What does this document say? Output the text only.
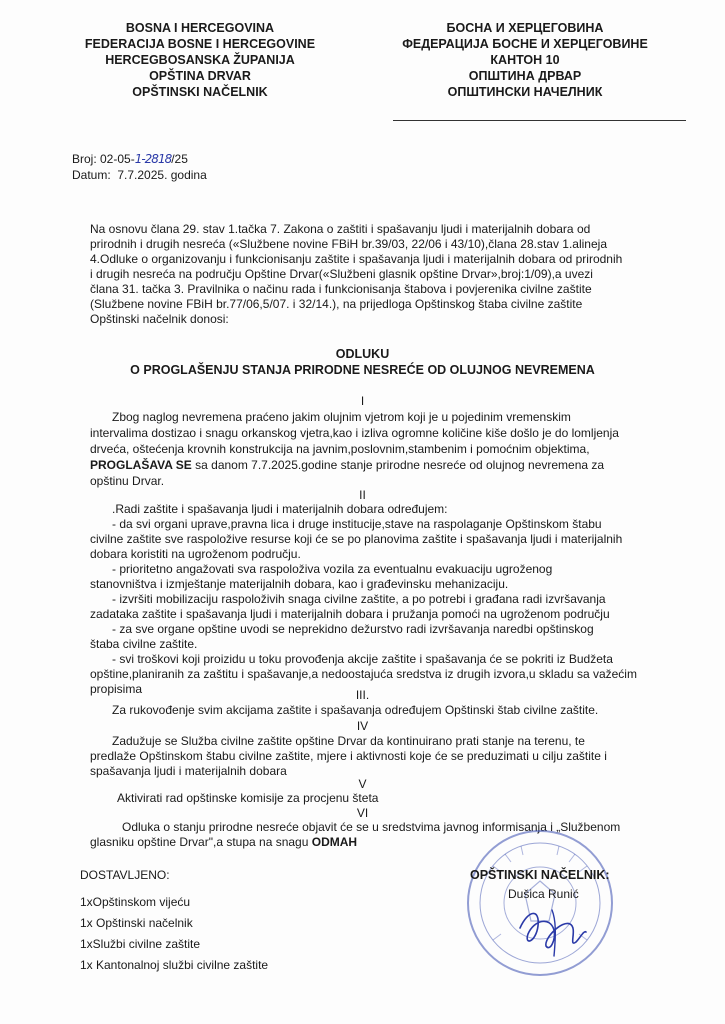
BOSNA I HERCEGOVINA
FEDERACIJA BOSNE I HERCEGOVINE
HERCEGBOSANSKA ŽUPANIJA
OPŠTINA DRVAR
OPŠTINSKI NAČELNIK
БОСНА И ХЕРЦЕГОВИНА
ФЕДЕРАЦИЈА БОСНЕ И ХЕРЦЕГОВИНЕ
КАНТОН 10
ОПШТИНА ДРВАР
ОПШТИНСКИ НАЧЕЛНИК
Broj: 02-05-1-2818/25
Datum: 7.7.2025. godina
Na osnovu člana 29. stav 1.tačka 7. Zakona o zaštiti i spašavanju ljudi i materijalnih dobara od
prirodnih i drugih nesreća («Službene novine FBiH br.39/03, 22/06 i 43/10),člana 28.stav 1.alineja
4.Odluke o organizovanju i funkcionisanju zaštite i spašavanja ljudi i materijalnih dobara od prirodnih
i drugih nesreća na području Opštine Drvar(«Službeni glasnik opštine Drvar»,broj:1/09),a uvezi
člana 31. tačka 3. Pravilnika o načinu rada i funkcionisanja štabova i povjerenika civilne zaštite
(Službene novine FBiH br.77/06,5/07. i 32/14.), na prijedloga Opštinskog štaba civilne zaštite
Opštinski načelnik donosi:
ODLUKU
O PROGLAŠENJU STANJA PRIRODNE NESREĆE OD OLUJNOG NEVREMENA
I
Zbog naglog nevremena praćeno jakim olujnim vjetrom koji je u pojedinim vremenskim
intervalima dostizao i snagu orkanskog vjetra,kao i izliva ogromne količine kiše došlo je do lomljenja
drveća, oštećenja krovnih konstrukcija na javnim,poslovnim,stambenim i pomoćnim objektima,
PROGLAŠAVA SE sa danom 7.7.2025.godine stanje prirodne nesreće od olujnog nevremena za
opštinu Drvar.
II
.Radi zaštite i spašavanja ljudi i materijalnih dobara određujem:
- da svi organi uprave,pravna lica i druge institucije,stave na raspolaganje Opštinskom štabu
civilne zaštite sve raspoložive resurse koji će se po planovima zaštite i spašavanja ljudi i materijalnih
dobara koristiti na ugroženom području.
- prioritetno angažovati sva raspoloživa vozila za eventualnu evakuaciju ugroženog
stanovništva i izmještanje materijalnih dobara, kao i građevinsku mehanizaciju.
- izvršiti mobilizaciju raspoloživih snaga civilne zaštite, a po potrebi i građana radi izvršavanja
zadataka zaštite i spašavanja ljudi i materijalnih dobara i pružanja pomoći na ugroženom području
- za sve organe opštine uvodi se neprekidno dežurstvo radi izvršavanja naredbi opštinskog
štaba civilne zaštite.
- svi troškovi koji proizidu u toku provođenja akcije zaštite i spašavanja će se pokriti iz Budžeta
opštine,planiranih za zaštitu i spašavanje,a nedoostajuća sredstva iz drugih izvora,u skladu sa važećim
propisima	III.
Za rukovođenje svim akcijama zaštite i spašavanja određujem Opštinski štab civilne zaštite.
IV
Zadužuje se Služba civilne zaštite opštine Drvar da kontinuirano prati stanje na terenu, te
predlaže Opštinskom štabu civilne zaštite, mjere i aktivnosti koje će se preduzimati u cilju zaštite i
spašavanja ljudi i materijalnih dobara
V
Aktivirati rad opštinske komisije za procjenu šteta
VI
Odluka o stanju prirodne nesreće objavit će se u sredstvima javnog informisanja i „Službenom
glasniku opštine Drvar",a stupa na snagu ODMAH
DOSTAVLJENO:
1xOpštinskom vijeću
1x Opštinski načelnik
1xSlužbi civilne zaštite
1x Kantonalnoj službi civilne zaštite
OPŠTINSKI NAČELNIK:
Dušica Runić
